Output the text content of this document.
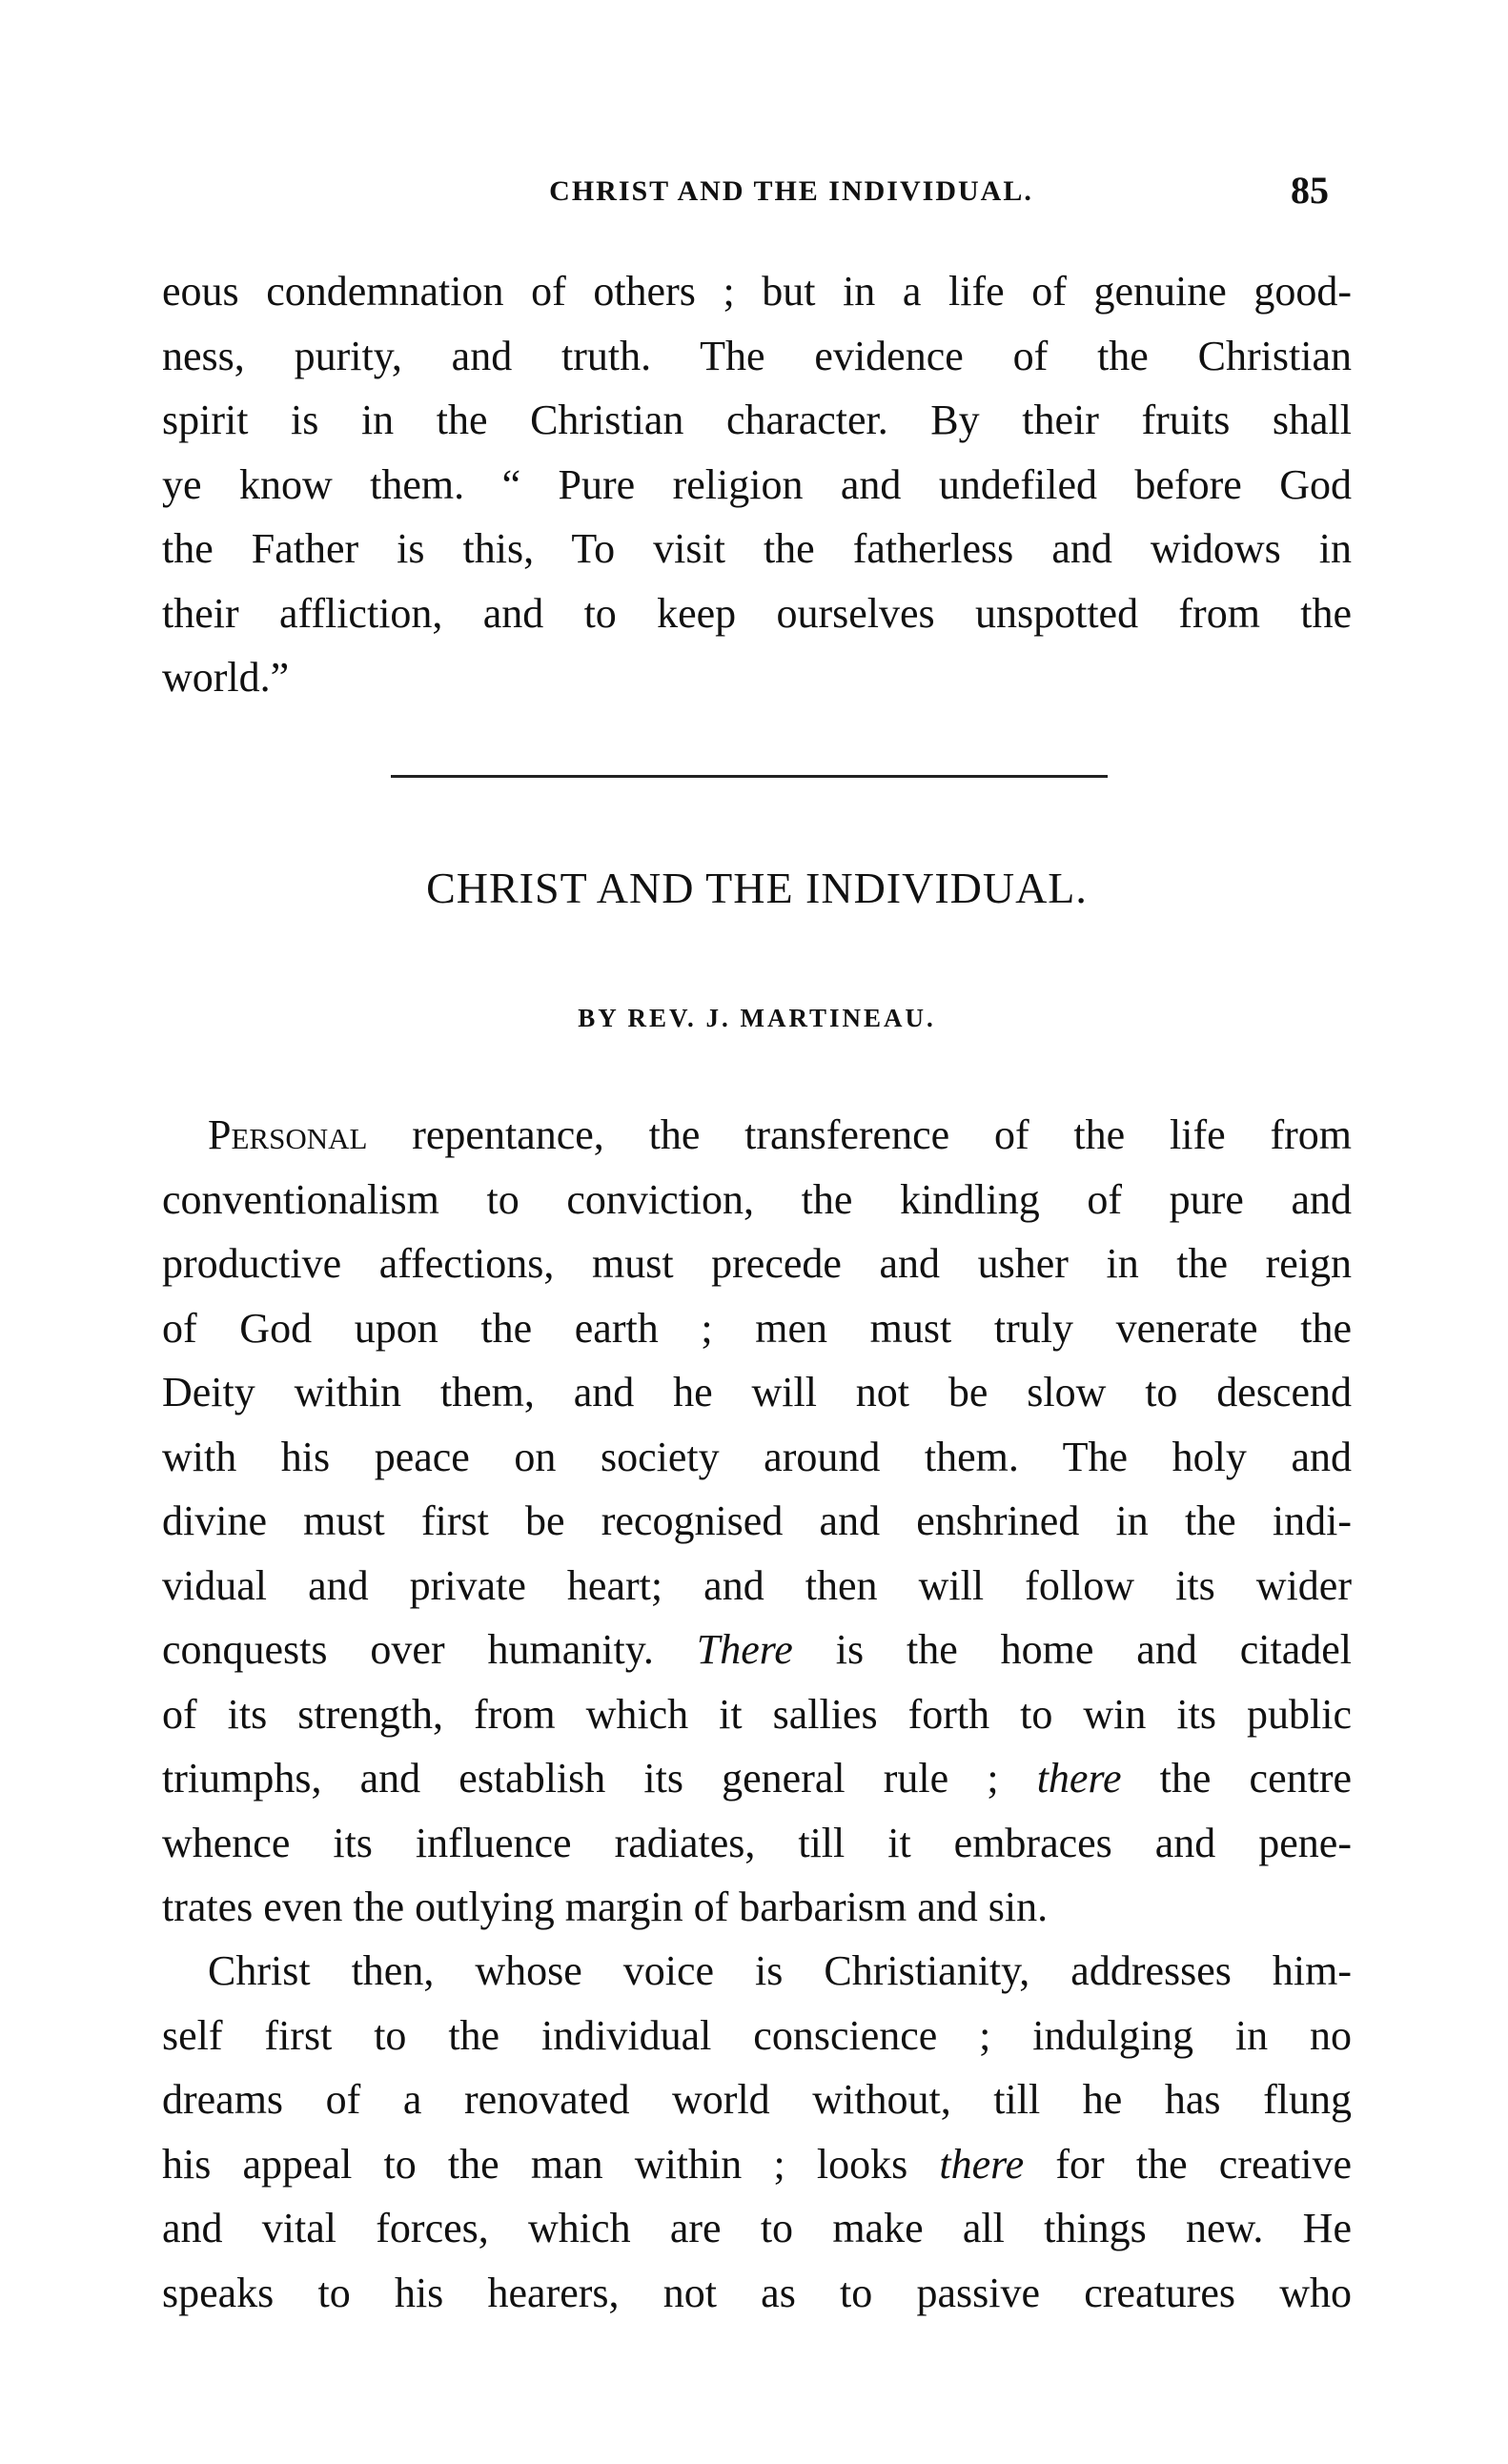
CHRIST AND THE INDIVIDUAL.	85
eous condemnation of others ; but in a life of genuine good-
ness, purity, and truth. The evidence of the Christian
spirit is in the Christian character. By their fruits shall
ye know them. “ Pure religion and undefiled before God
the Father is this, To visit the fatherless and widows in
their affliction, and to keep ourselves unspotted from the
world.”
CHRIST AND THE INDIVIDUAL.
BY REV. J. MARTINEAU.
Personal repentance, the transference of the life from
conventionalism to conviction, the kindling of pure and
productive affections, must precede and usher in the reign
of God upon the earth ; men must truly venerate the
Deity within them, and he will not be slow to descend
with his peace on society around them. The holy and
divine must first be recognised and enshrined in the indi-
vidual and private heart; and then will follow its wider
conquests over humanity. There is the home and citadel
of its strength, from which it sallies forth to win its public
triumphs, and establish its general rule ; there the centre
whence its influence radiates, till it embraces and pene-
trates even the outlying margin of barbarism and sin.
Christ then, whose voice is Christianity, addresses him-
self first to the individual conscience ; indulging in no
dreams of a renovated world without, till he has flung
his appeal to the man within ; looks there for the creative
and vital forces, which are to make all things new. He
speaks to his hearers, not as to passive creatures who
